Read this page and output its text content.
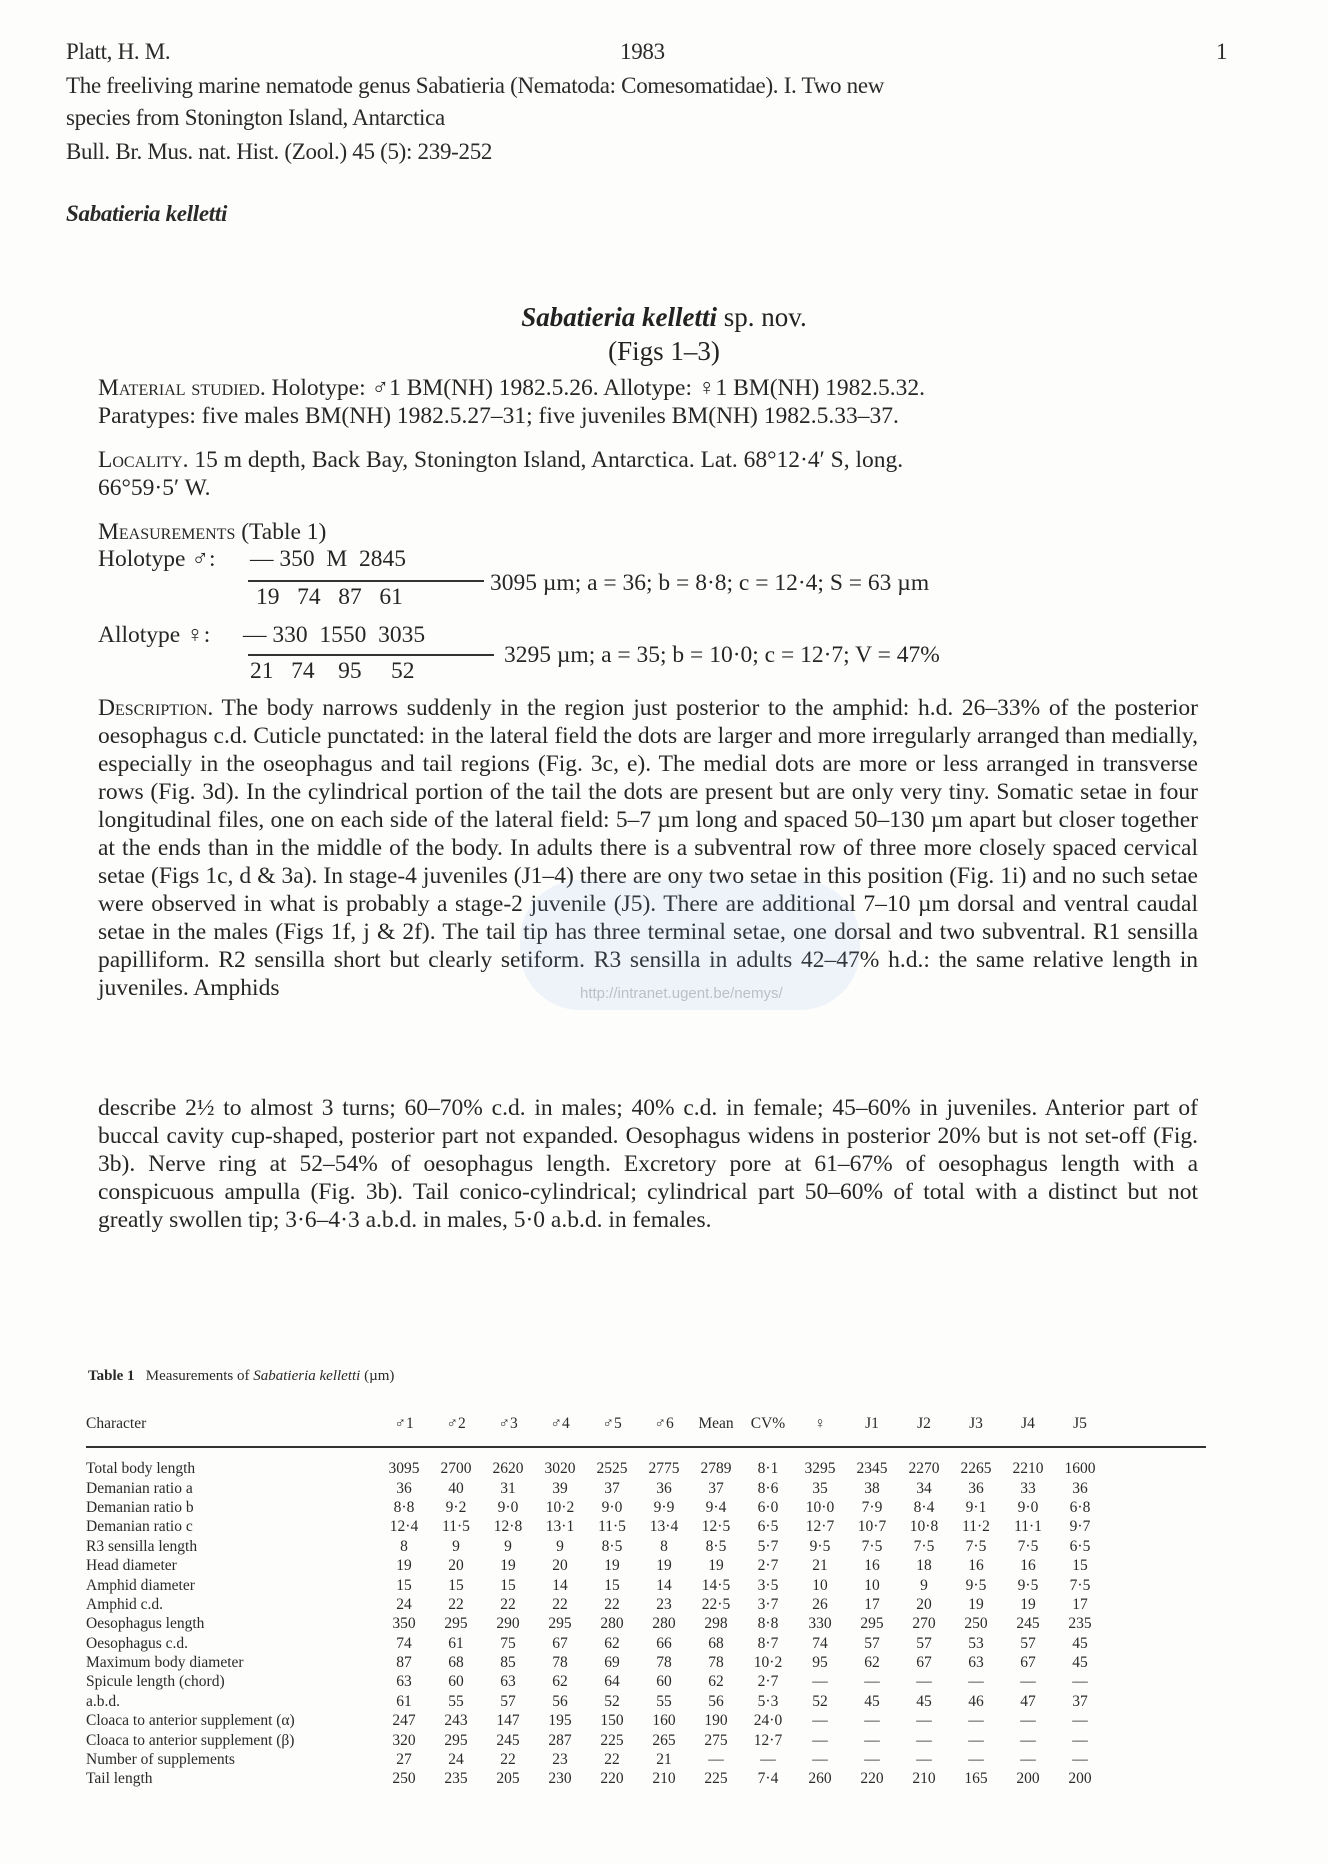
Platt, H. M.	1983	1
The freeliving marine nematode genus Sabatieria (Nematoda: Comesomatidae). I. Two new
species from Stonington Island, Antarctica
Bull. Br. Mus. nat. Hist. (Zool.) 45 (5): 239-252
Sabatieria kelletti
Sabatieria kelletti sp. nov.
(Figs 1–3)
Material studied. Holotype: ♂1 BM(NH) 1982.5.26. Allotype: ♀1 BM(NH) 1982.5.32.
Paratypes: five males BM(NH) 1982.5.27–31; five juveniles BM(NH) 1982.5.33–37.
Locality. 15 m depth, Back Bay, Stonington Island, Antarctica. Lat. 68°12·4′ S, long.
66°59·5′ W.
Measurements (Table 1)
Holotype ♂: — 350  M  2845
19   74   87   61
3095 µm; a = 36; b = 8·8; c = 12·4; S = 63 µm
Allotype ♀: — 330  1550  3035
21   74    95     52
3295 µm; a = 35; b = 10·0; c = 12·7; V = 47%
Description. The body narrows suddenly in the region just posterior to the amphid: h.d. 26–33% of the posterior oesophagus c.d. Cuticle punctated: in the lateral field the dots are larger and more irregularly arranged than medially, especially in the oseophagus and tail regions (Fig. 3c, e). The medial dots are more or less arranged in transverse rows (Fig. 3d). In the cylindrical portion of the tail the dots are present but are only very tiny. Somatic setae in four longitudinal files, one on each side of the lateral field: 5–7 µm long and spaced 50–130 µm apart but closer together at the ends than in the middle of the body. In adults there is a subventral row of three more closely spaced cervical setae (Figs 1c, d & 3a). In stage-4 juveniles (J1–4) there are ony two setae in this position (Fig. 1i) and no such setae were observed in what is probably a stage-2 juvenile (J5). There are additional 7–10 µm dorsal and ventral caudal setae in the males (Figs 1f, j & 2f). The tail tip has three terminal setae, one dorsal and two subventral. R1 sensilla papilliform. R2 sensilla short but clearly setiform. R3 sensilla in adults 42–47% h.d.: the same relative length in juveniles. Amphids
describe 2½ to almost 3 turns; 60–70% c.d. in males; 40% c.d. in female; 45–60% in juveniles. Anterior part of buccal cavity cup-shaped, posterior part not expanded. Oesophagus widens in posterior 20% but is not set-off (Fig. 3b). Nerve ring at 52–54% of oesophagus length. Excretory pore at 61–67% of oesophagus length with a conspicuous ampulla (Fig. 3b). Tail conico-cylindrical; cylindrical part 50–60% of total with a distinct but not greatly swollen tip; 3·6–4·3 a.b.d. in males, 5·0 a.b.d. in females.
http://intranet.ugent.be/nemys/
Table 1 Measurements of Sabatieria kelletti (µm)
Character	♂1	♂2	♂3	♂4	♂5	♂6	Mean	CV%	♀	J1	J2	J3	J4	J5
Total body length	3095	2700	2620	3020	2525	2775	2789	8·1	3295	2345	2270	2265	2210	1600
Demanian ratio a	36	40	31	39	37	36	37	8·6	35	38	34	36	33	36
Demanian ratio b	8·8	9·2	9·0	10·2	9·0	9·9	9·4	6·0	10·0	7·9	8·4	9·1	9·0	6·8
Demanian ratio c	12·4	11·5	12·8	13·1	11·5	13·4	12·5	6·5	12·7	10·7	10·8	11·2	11·1	9·7
R3 sensilla length	8	9	9	9	8·5	8	8·5	5·7	9·5	7·5	7·5	7·5	7·5	6·5
Head diameter	19	20	19	20	19	19	19	2·7	21	16	18	16	16	15
Amphid diameter	15	15	15	14	15	14	14·5	3·5	10	10	9	9·5	9·5	7·5
Amphid c.d.	24	22	22	22	22	23	22·5	3·7	26	17	20	19	19	17
Oesophagus length	350	295	290	295	280	280	298	8·8	330	295	270	250	245	235
Oesophagus c.d.	74	61	75	67	62	66	68	8·7	74	57	57	53	57	45
Maximum body diameter	87	68	85	78	69	78	78	10·2	95	62	67	63	67	45
Spicule length (chord)	63	60	63	62	64	60	62	2·7	—	—	—	—	—	—
a.b.d.	61	55	57	56	52	55	56	5·3	52	45	45	46	47	37
Cloaca to anterior supplement (α)	247	243	147	195	150	160	190	24·0	—	—	—	—	—	—
Cloaca to anterior supplement (β)	320	295	245	287	225	265	275	12·7	—	—	—	—	—	—
Number of supplements	27	24	22	23	22	21	—	—	—	—	—	—	—	—
Tail length	250	235	205	230	220	210	225	7·4	260	220	210	165	200	200
